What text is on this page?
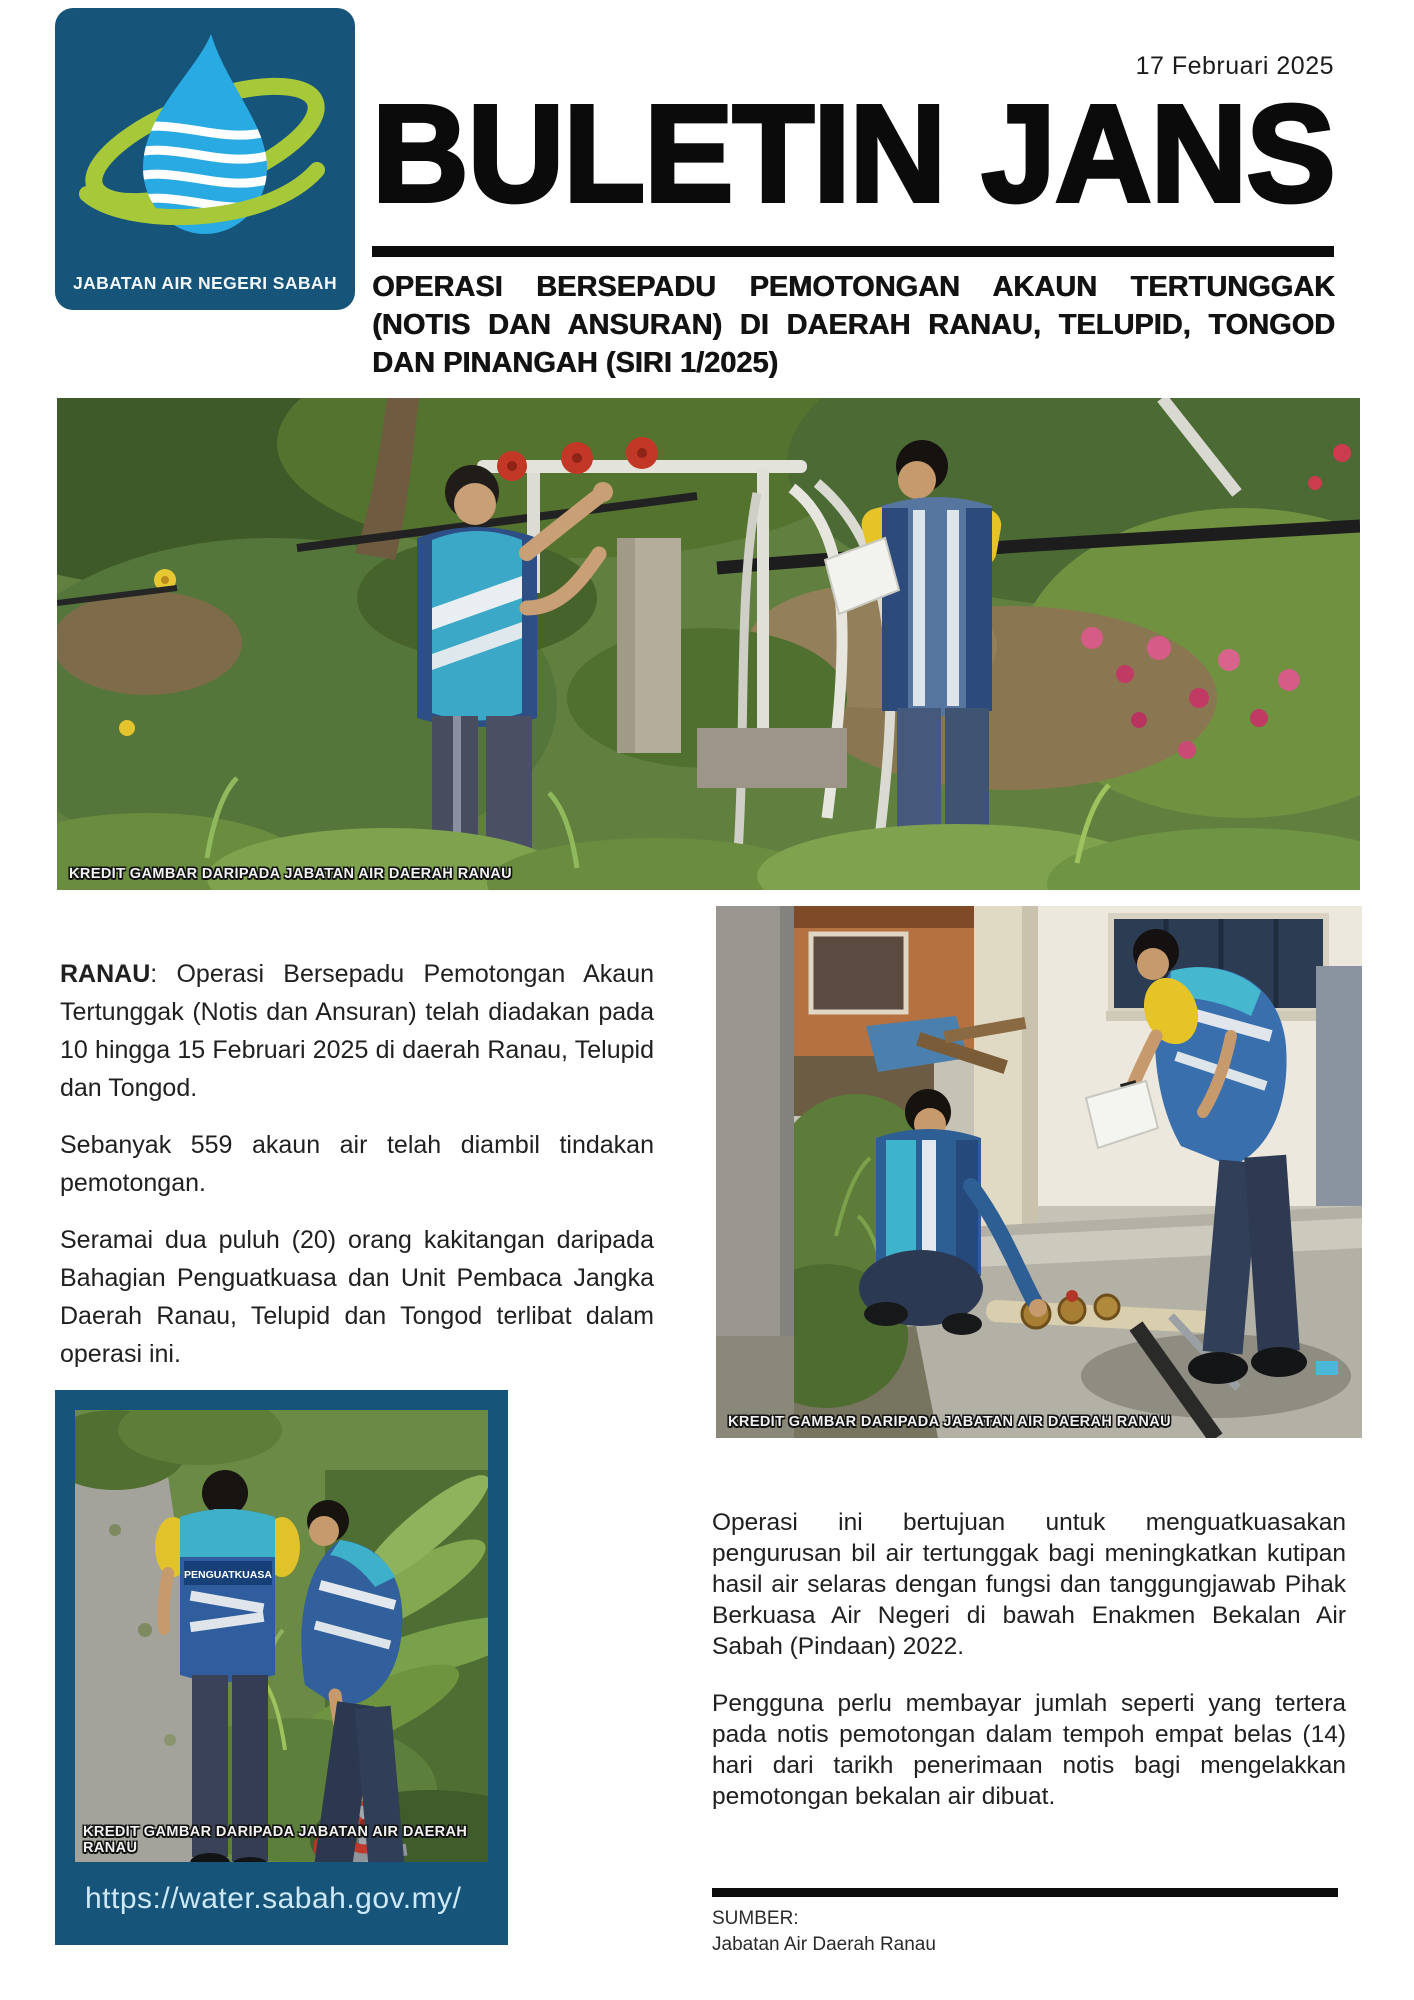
JABATAN AIR NEGERI SABAH
17 Februari 2025
BULETIN JANS
OPERASI BERSEPADU PEMOTONGAN AKAUN TERTUNGGAK (NOTIS DAN ANSURAN) DI DAERAH RANAU, TELUPID, TONGOD DAN PINANGAH (SIRI 1/2025)
KREDIT GAMBAR DARIPADA JABATAN AIR DAERAH RANAU

RANAU: Operasi Bersepadu Pemotongan Akaun Tertunggak (Notis dan Ansuran) telah diadakan pada 10 hingga 15 Februari 2025 di daerah Ranau, Telupid dan Tongod.

Sebanyak 559 akaun air telah diambil tindakan pemotongan.

Seramai dua puluh (20) orang kakitangan daripada Bahagian Penguatkuasa dan Unit Pembaca Jangka Daerah Ranau, Telupid dan Tongod terlibat dalam operasi ini.

KREDIT GAMBAR DARIPADA JABATAN AIR DAERAH RANAU

Operasi ini bertujuan untuk menguatkuasakan pengurusan bil air tertunggak bagi meningkatkan kutipan hasil air selaras dengan fungsi dan tanggungjawab Pihak Berkuasa Air Negeri di bawah Enakmen Bekalan Air Sabah (Pindaan) 2022.

Pengguna perlu membayar jumlah seperti yang tertera pada notis pemotongan dalam tempoh empat belas (14) hari dari tarikh penerimaan notis bagi mengelakkan pemotongan bekalan air dibuat.

PENGUATKUASA
KREDIT GAMBAR DARIPADA JABATAN AIR DAERAH RANAU
https://water.sabah.gov.my/
SUMBER:
Jabatan Air Daerah Ranau
